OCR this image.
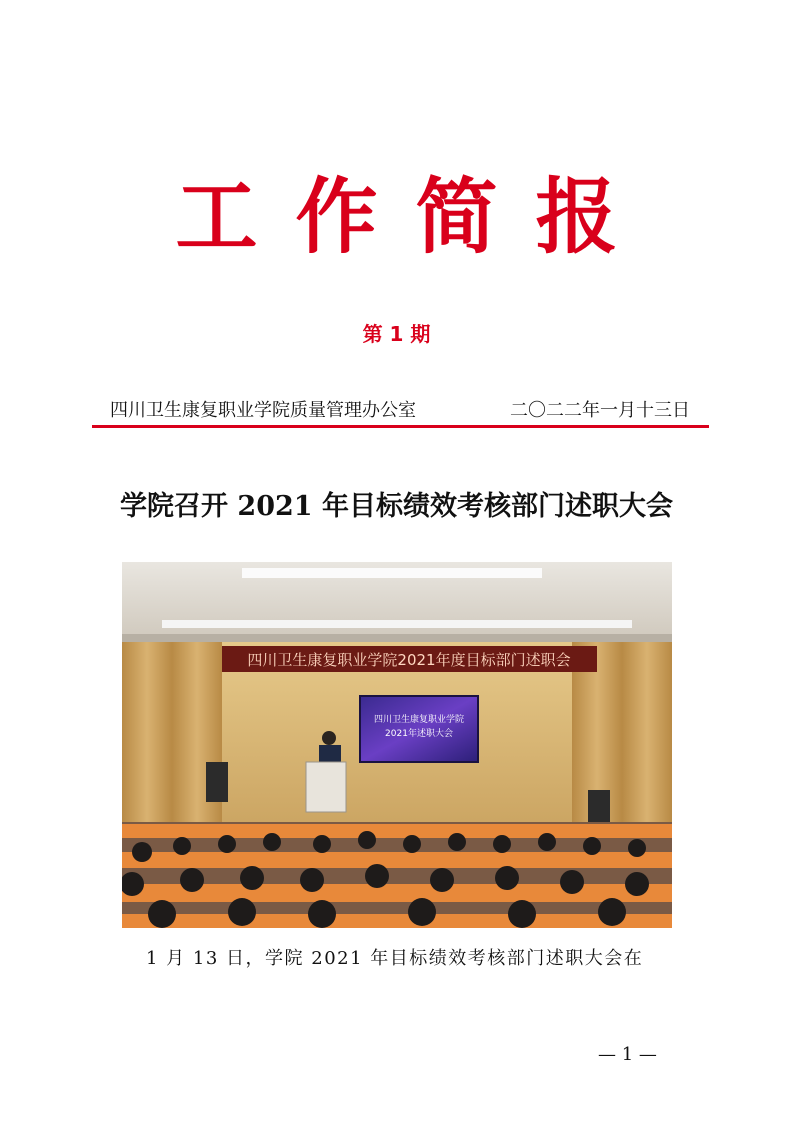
工作简报
第 1 期
四川卫生康复职业学院质量管理办公室	二〇二二年一月十三日
学院召开 2021 年目标绩效考核部门述职大会
四川卫生康复职业学院2021年度目标部门述职会
四川卫生康复职业学院
2021年述职大会
1 月 13 日，学院 2021 年目标绩效考核部门述职大会在
— 1 —
